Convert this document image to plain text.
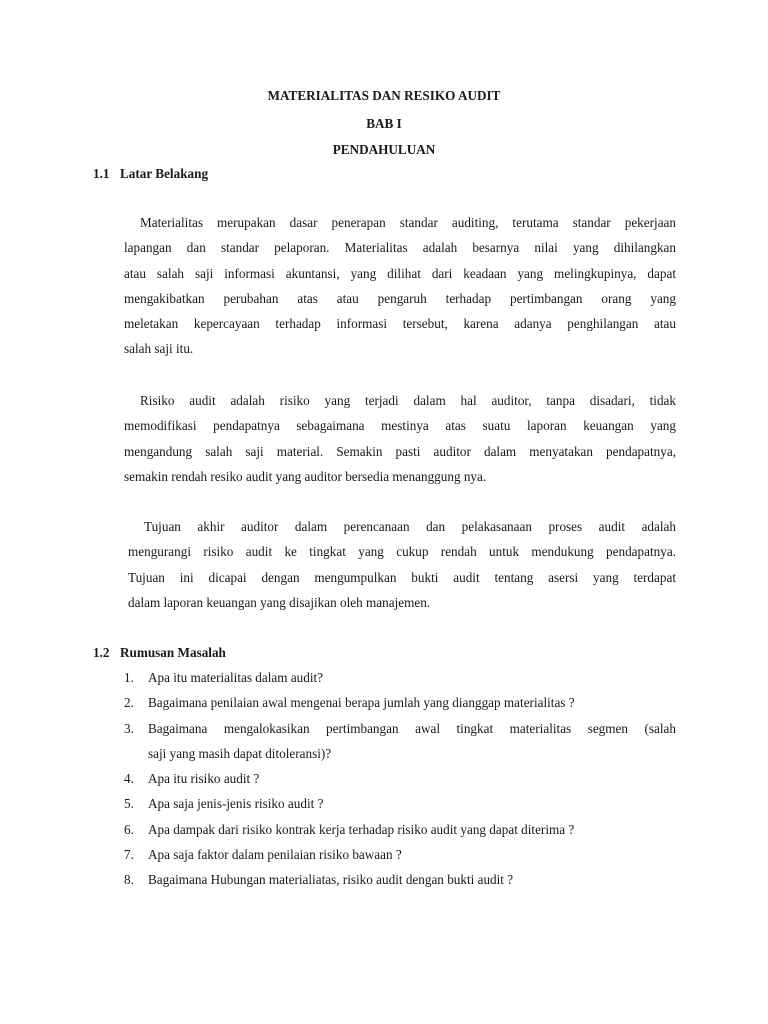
MATERIALITAS DAN RESIKO AUDIT
BAB I
PENDAHULUAN
1.1 Latar Belakang
Materialitas merupakan dasar penerapan standar auditing, terutama standar pekerjaan
lapangan dan standar pelaporan. Materialitas adalah besarnya nilai yang dihilangkan
atau salah saji informasi akuntansi, yang dilihat dari keadaan yang melingkupinya, dapat
mengakibatkan perubahan atas atau pengaruh terhadap pertimbangan orang yang
meletakan kepercayaan terhadap informasi tersebut, karena adanya penghilangan atau
salah saji itu.
Risiko audit adalah risiko yang terjadi dalam hal auditor, tanpa disadari, tidak
memodifikasi pendapatnya sebagaimana mestinya atas suatu laporan keuangan yang
mengandung salah saji material. Semakin pasti auditor dalam menyatakan pendapatnya,
semakin rendah resiko audit yang auditor bersedia menanggung nya.
Tujuan akhir auditor dalam perencanaan dan pelakasanaan proses audit adalah
mengurangi risiko audit ke tingkat yang cukup rendah untuk mendukung pendapatnya.
Tujuan ini dicapai dengan mengumpulkan bukti audit tentang asersi yang terdapat
dalam laporan keuangan yang disajikan oleh manajemen.
1.2 Rumusan Masalah
1. Apa itu materialitas dalam audit?
2. Bagaimana penilaian awal mengenai berapa jumlah yang dianggap materialitas ?
3. Bagaimana mengalokasikan pertimbangan awal tingkat materialitas segmen (salah
saji yang masih dapat ditoleransi)?
4. Apa itu risiko audit ?
5. Apa saja jenis-jenis risiko audit ?
6. Apa dampak dari risiko kontrak kerja terhadap risiko audit yang dapat diterima ?
7. Apa saja faktor dalam penilaian risiko bawaan ?
8. Bagaimana Hubungan materialiatas, risiko audit dengan bukti audit ?
